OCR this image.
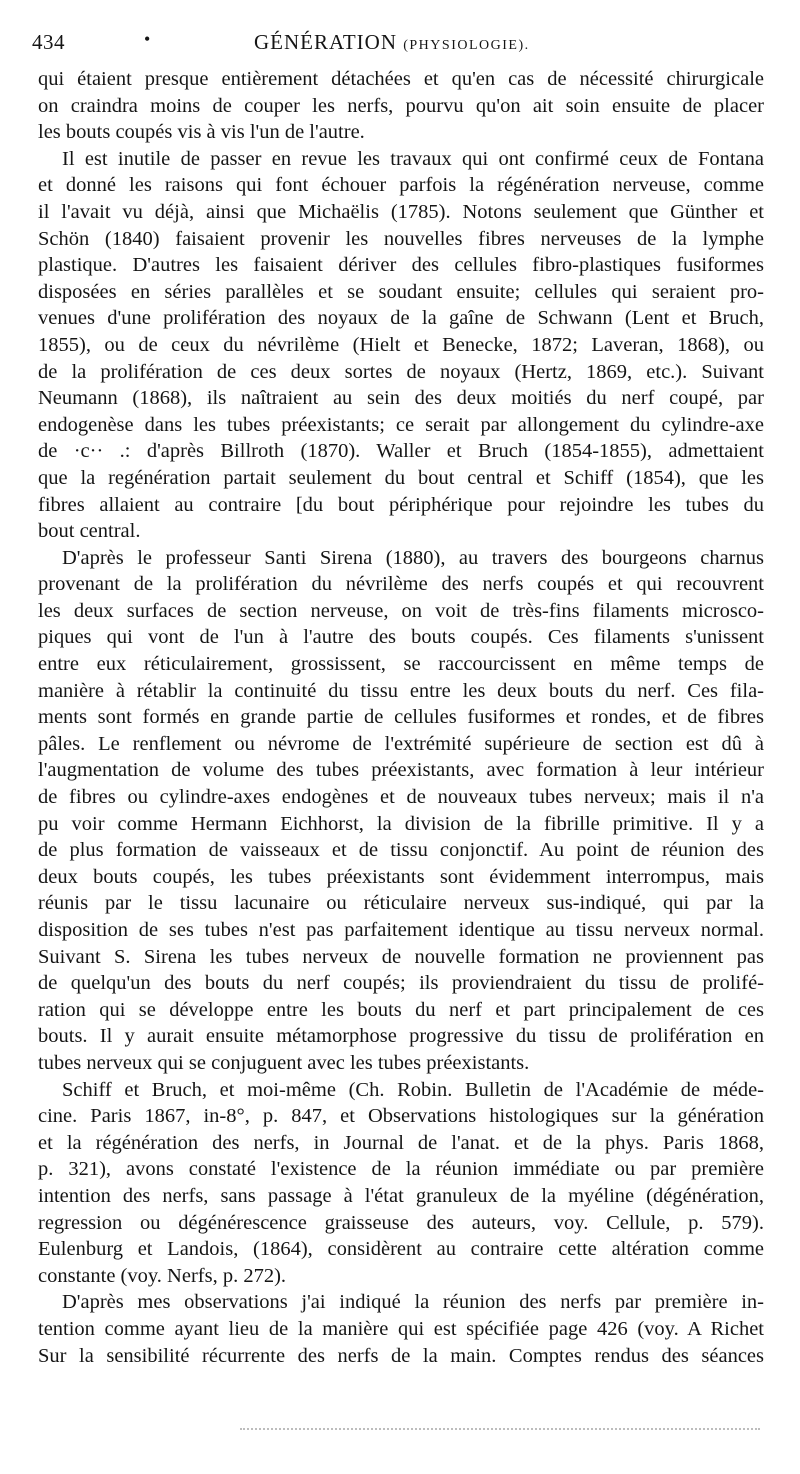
434	•	GÉNÉRATION (PHYSIOLOGIE).
qui étaient presque entièrement détachées et qu'en cas de nécessité chirurgicale
on craindra moins de couper les nerfs, pourvu qu'on ait soin ensuite de placer
les bouts coupés vis à vis l'un de l'autre.
Il est inutile de passer en revue les travaux qui ont confirmé ceux de Fontana
et donné les raisons qui font échouer parfois la régénération nerveuse, comme
il l'avait vu déjà, ainsi que Michaëlis (1785). Notons seulement que Günther et
Schön (1840) faisaient provenir les nouvelles fibres nerveuses de la lymphe
plastique. D'autres les faisaient dériver des cellules fibro-plastiques fusiformes
disposées en séries parallèles et se soudant ensuite; cellules qui seraient pro-
venues d'une prolifération des noyaux de la gaîne de Schwann (Lent et Bruch,
1855), ou de ceux du névrilème (Hielt et Benecke, 1872; Laveran, 1868), ou
de la prolifération de ces deux sortes de noyaux (Hertz, 1869, etc.). Suivant
Neumann (1868), ils naîtraient au sein des deux moitiés du nerf coupé, par
endogenèse dans les tubes préexistants; ce serait par allongement du cylindre-axe
de ·c·· .: d'après Billroth (1870). Waller et Bruch (1854-1855), admettaient
que la regénération partait seulement du bout central et Schiff (1854), que les
fibres allaient au contraire [du bout périphérique pour rejoindre les tubes du
bout central.
D'après le professeur Santi Sirena (1880), au travers des bourgeons charnus
provenant de la prolifération du névrilème des nerfs coupés et qui recouvrent
les deux surfaces de section nerveuse, on voit de très-fins filaments microsco-
piques qui vont de l'un à l'autre des bouts coupés. Ces filaments s'unissent
entre eux réticulairement, grossissent, se raccourcissent en même temps de
manière à rétablir la continuité du tissu entre les deux bouts du nerf. Ces fila-
ments sont formés en grande partie de cellules fusiformes et rondes, et de fibres
pâles. Le renflement ou névrome de l'extrémité supérieure de section est dû à
l'augmentation de volume des tubes préexistants, avec formation à leur intérieur
de fibres ou cylindre-axes endogènes et de nouveaux tubes nerveux; mais il n'a
pu voir comme Hermann Eichhorst, la division de la fibrille primitive. Il y a
de plus formation de vaisseaux et de tissu conjonctif. Au point de réunion des
deux bouts coupés, les tubes préexistants sont évidemment interrompus, mais
réunis par le tissu lacunaire ou réticulaire nerveux sus-indiqué, qui par la
disposition de ses tubes n'est pas parfaitement identique au tissu nerveux normal.
Suivant S. Sirena les tubes nerveux de nouvelle formation ne proviennent pas
de quelqu'un des bouts du nerf coupés; ils proviendraient du tissu de prolifé-
ration qui se développe entre les bouts du nerf et part principalement de ces
bouts. Il y aurait ensuite métamorphose progressive du tissu de prolifération en
tubes nerveux qui se conjuguent avec les tubes préexistants.
Schiff et Bruch, et moi-même (Ch. Robin. Bulletin de l'Académie de méde-
cine. Paris 1867, in-8°, p. 847, et Observations histologiques sur la génération
et la régénération des nerfs, in Journal de l'anat. et de la phys. Paris 1868,
p. 321), avons constaté l'existence de la réunion immédiate ou par première
intention des nerfs, sans passage à l'état granuleux de la myéline (dégénération,
regression ou dégénérescence graisseuse des auteurs, voy. Cellule, p. 579).
Eulenburg et Landois, (1864), considèrent au contraire cette altération comme
constante (voy. Nerfs, p. 272).
D'après mes observations j'ai indiqué la réunion des nerfs par première in-
tention comme ayant lieu de la manière qui est spécifiée page 426 (voy. A Richet
Sur la sensibilité récurrente des nerfs de la main. Comptes rendus des séances
